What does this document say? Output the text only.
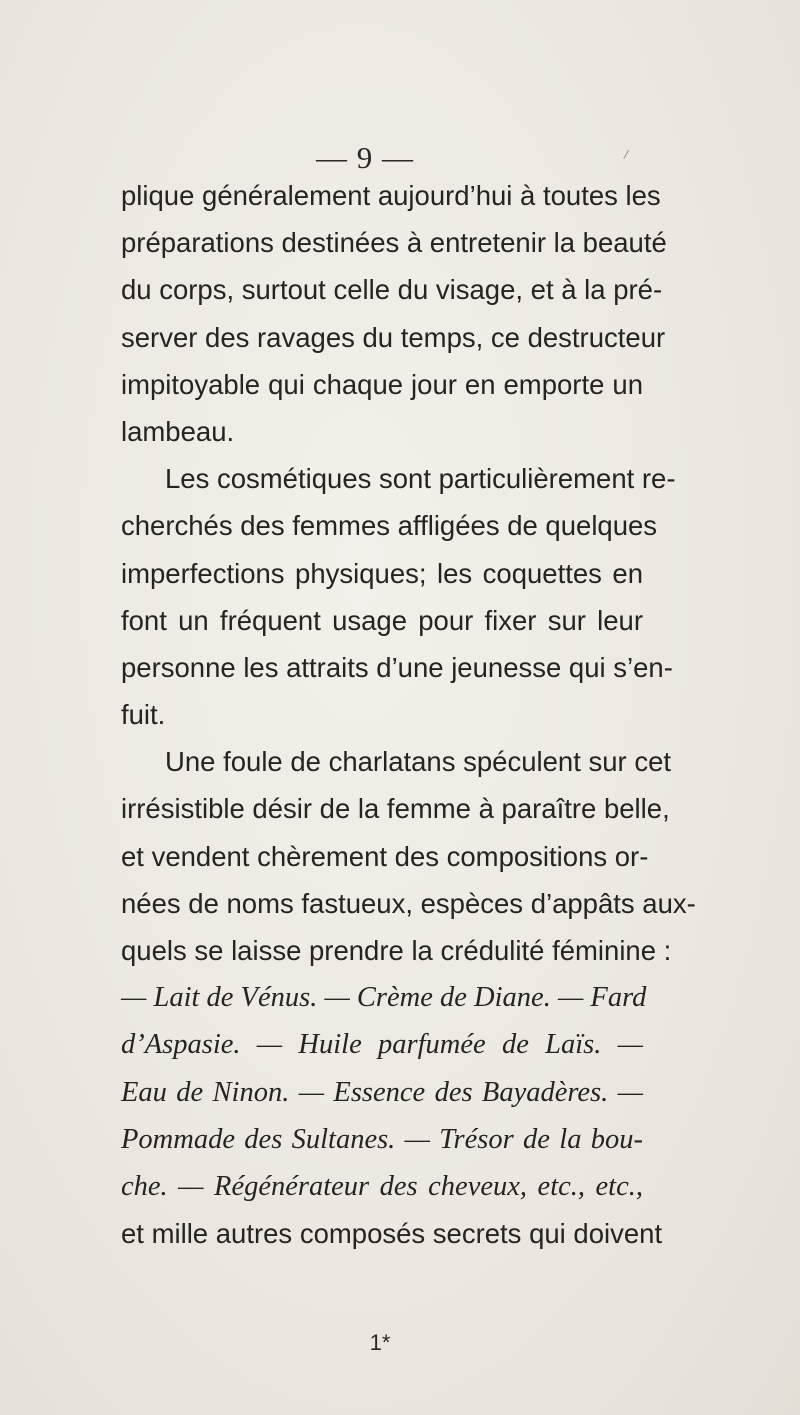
— 9 —
plique généralement aujourd’hui à toutes les
préparations destinées à entretenir la beauté
du corps, surtout celle du visage, et à la pré-
server des ravages du temps, ce destructeur
impitoyable qui chaque jour en emporte un
lambeau.
Les cosmétiques sont particulièrement re-
cherchés des femmes affligées de quelques
imperfections physiques; les coquettes en
font un fréquent usage pour fixer sur leur
personne les attraits d’une jeunesse qui s’en-
fuit.
Une foule de charlatans spéculent sur cet
irrésistible désir de la femme à paraître belle,
et vendent chèrement des compositions or-
nées de noms fastueux, espèces d’appâts aux-
quels se laisse prendre la crédulité féminine :
— Lait de Vénus. — Crème de Diane. — Fard
d’Aspasie. — Huile parfumée de Laïs. —
Eau de Ninon. — Essence des Bayadères. —
Pommade des Sultanes. — Trésor de la bou-
che. — Régénérateur des cheveux, etc., etc.,
et mille autres composés secrets qui doivent
1*
